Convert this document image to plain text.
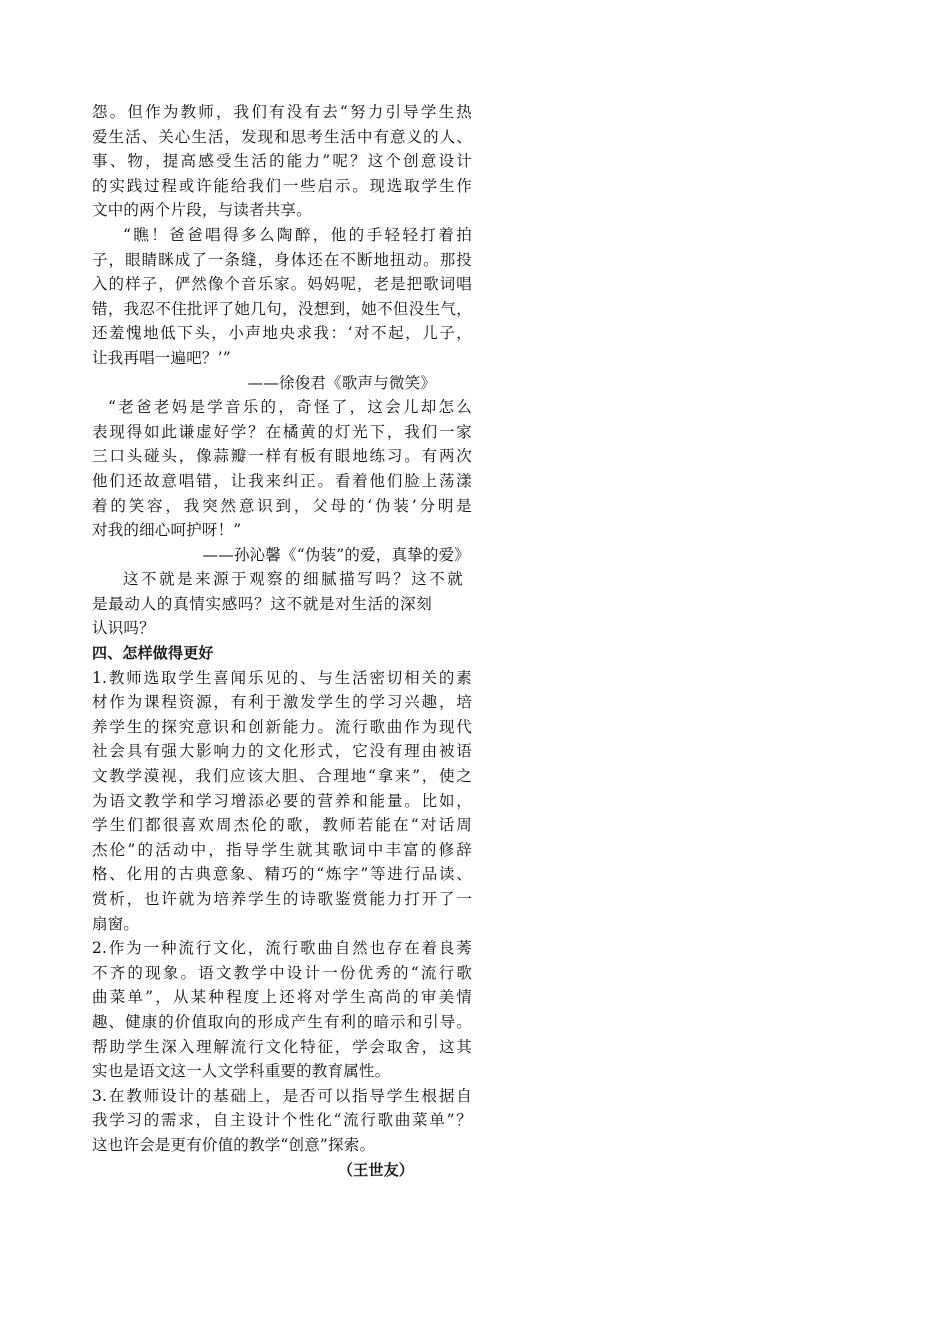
怨。但作为教师，我们有没有去“努力引导学生热
爱生活、关心生活，发现和思考生活中有意义的人、
事、物，提高感受生活的能力”呢？这个创意设计
的实践过程或许能给我们一些启示。现选取学生作
文中的两个片段，与读者共享。
“瞧！爸爸唱得多么陶醉，他的手轻轻打着拍
子，眼睛眯成了一条缝，身体还在不断地扭动。那投
入的样子，俨然像个音乐家。妈妈呢，老是把歌词唱
错，我忍不住批评了她几句，没想到，她不但没生气，
还羞愧地低下头，小声地央求我：‘对不起，儿子，
让我再唱一遍吧？’”
——徐俊君《歌声与微笑》
“老爸老妈是学音乐的，奇怪了，这会儿却怎么
表现得如此谦虚好学？在橘黄的灯光下，我们一家
三口头碰头，像蒜瓣一样有板有眼地练习。有两次
他们还故意唱错，让我来纠正。看着他们脸上荡漾
着的笑容，我突然意识到，父母的‘伪装’分明是
对我的细心呵护呀！”
——孙沁馨《“伪装”的爱，真挚的爱》
这不就是来源于观察的细腻描写吗？这不就
是最动人的真情实感吗？这不就是对生活的深刻
认识吗？
四、怎样做得更好
1.教师选取学生喜闻乐见的、与生活密切相关的素
材作为课程资源，有利于激发学生的学习兴趣，培
养学生的探究意识和创新能力。流行歌曲作为现代
社会具有强大影响力的文化形式，它没有理由被语
文教学漠视，我们应该大胆、合理地“拿来”，使之
为语文教学和学习增添必要的营养和能量。比如，
学生们都很喜欢周杰伦的歌，教师若能在“对话周
杰伦”的活动中，指导学生就其歌词中丰富的修辞
格、化用的古典意象、精巧的“炼字”等进行品读、
赏析，也许就为培养学生的诗歌鉴赏能力打开了一
扇窗。
2.作为一种流行文化，流行歌曲自然也存在着良莠
不齐的现象。语文教学中设计一份优秀的“流行歌
曲菜单”，从某种程度上还将对学生高尚的审美情
趣、健康的价值取向的形成产生有利的暗示和引导。
帮助学生深入理解流行文化特征，学会取舍，这其
实也是语文这一人文学科重要的教育属性。
3.在教师设计的基础上，是否可以指导学生根据自
我学习的需求，自主设计个性化“流行歌曲菜单”？
这也许会是更有价值的教学“创意”探索。
（王世友）
